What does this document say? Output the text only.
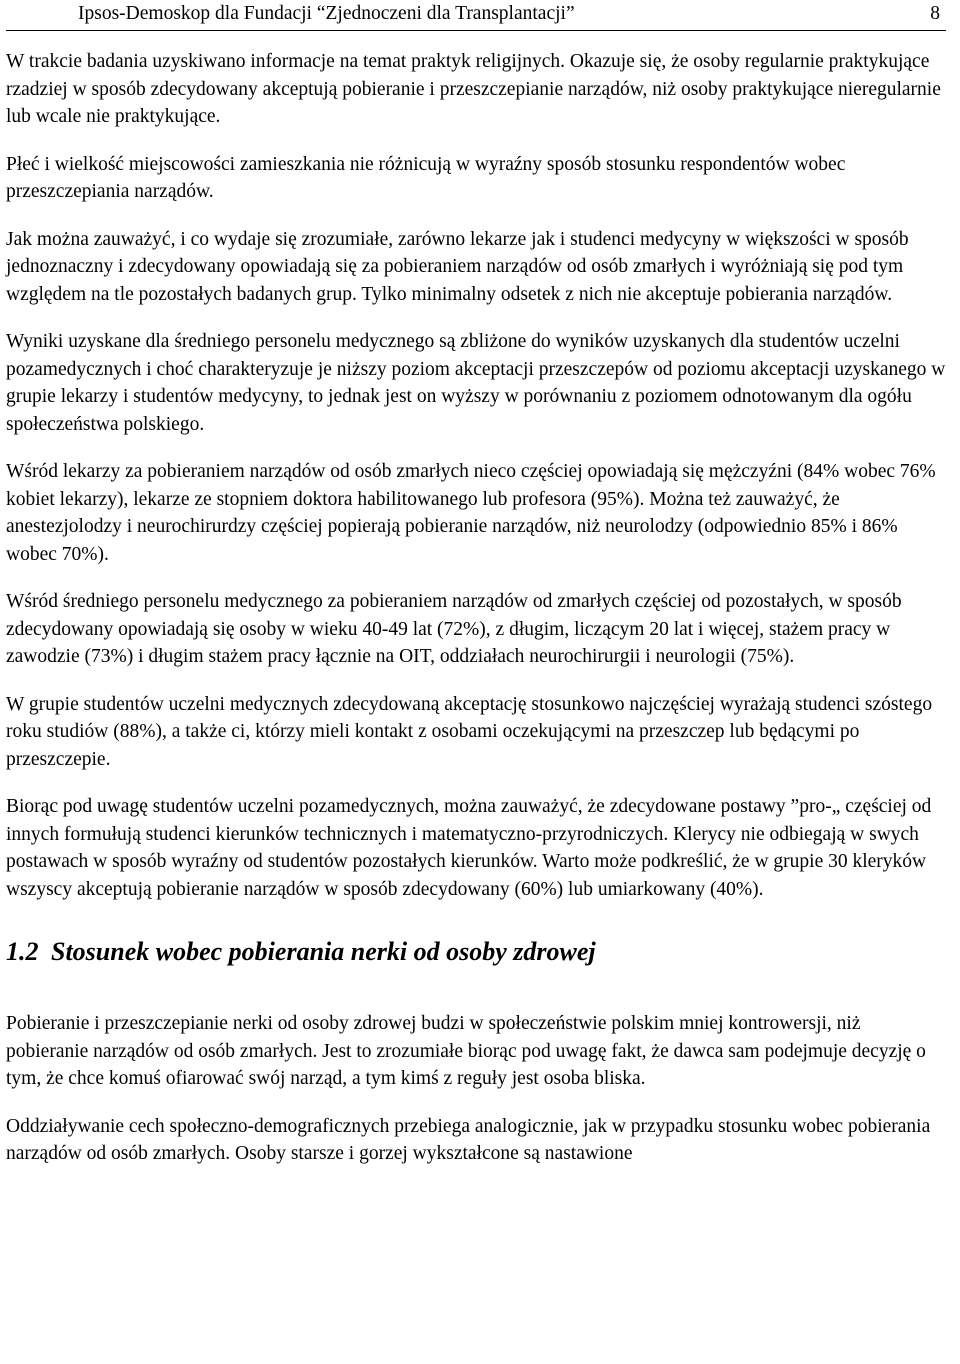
Ipsos-Demoskop dla Fundacji “Zjednoczeni dla Transplantacji”	8

W trakcie badania uzyskiwano informacje na temat praktyk religijnych. Okazuje się, że osoby regularnie praktykujące rzadziej w sposób zdecydowany akceptują pobieranie i przeszczepianie narządów, niż osoby praktykujące nieregularnie lub wcale nie praktykujące.

Płeć i wielkość miejscowości zamieszkania nie różnicują w wyraźny sposób stosunku respondentów wobec przeszczepiania narządów.

Jak można zauważyć, i co wydaje się zrozumiałe, zarówno lekarze jak i studenci medycyny w większości w sposób jednoznaczny i zdecydowany opowiadają się za pobieraniem narządów od osób zmarłych i wyróżniają się pod tym względem na tle pozostałych badanych grup. Tylko minimalny odsetek z nich nie akceptuje pobierania narządów.

Wyniki uzyskane dla średniego personelu medycznego są zbliżone do wyników uzyskanych dla studentów uczelni pozamedycznych i choć charakteryzuje je niższy poziom akceptacji przeszczepów od poziomu akceptacji uzyskanego w grupie lekarzy i studentów medycyny, to jednak jest on wyższy w porównaniu z poziomem odnotowanym dla ogółu społeczeństwa polskiego.

Wśród lekarzy za pobieraniem narządów od osób zmarłych nieco częściej opowiadają się mężczyźni (84% wobec 76% kobiet lekarzy), lekarze ze stopniem doktora habilitowanego lub profesora (95%). Można też zauważyć, że anestezjolodzy i neurochirurdzy częściej popierają pobieranie narządów, niż neurolodzy (odpowiednio 85% i 86% wobec 70%).

Wśród średniego personelu medycznego za pobieraniem narządów od zmarłych częściej od pozostałych, w sposób zdecydowany opowiadają się osoby w wieku 40-49 lat (72%), z długim, liczącym 20 lat i więcej, stażem pracy w zawodzie (73%) i długim stażem pracy łącznie na OIT, oddziałach neurochirurgii i neurologii (75%).

W grupie studentów uczelni medycznych zdecydowaną akceptację stosunkowo najczęściej wyrażają studenci szóstego roku studiów (88%), a także ci, którzy mieli kontakt z osobami oczekującymi na przeszczep lub będącymi po przeszczepie.

Biorąc pod uwagę studentów uczelni pozamedycznych, można zauważyć, że zdecydowane postawy ”pro-„ częściej od innych formułują studenci kierunków technicznych i matematyczno-przyrodniczych. Klerycy nie odbiegają w swych postawach w sposób wyraźny od studentów pozostałych kierunków. Warto może podkreślić, że w grupie 30 kleryków wszyscy akceptują pobieranie narządów w sposób zdecydowany (60%) lub umiarkowany (40%).

1.2 Stosunek wobec pobierania nerki od osoby zdrowej

Pobieranie i przeszczepianie nerki od osoby zdrowej budzi w społeczeństwie polskim mniej kontrowersji, niż pobieranie narządów od osób zmarłych. Jest to zrozumiałe biorąc pod uwagę fakt, że dawca sam podejmuje decyzję o tym, że chce komuś ofiarować swój narząd, a tym kimś z reguły jest osoba bliska.

Oddziaływanie cech społeczno-demograficznych przebiega analogicznie, jak w przypadku stosunku wobec pobierania narządów od osób zmarłych. Osoby starsze i gorzej wykształcone są nastawione
